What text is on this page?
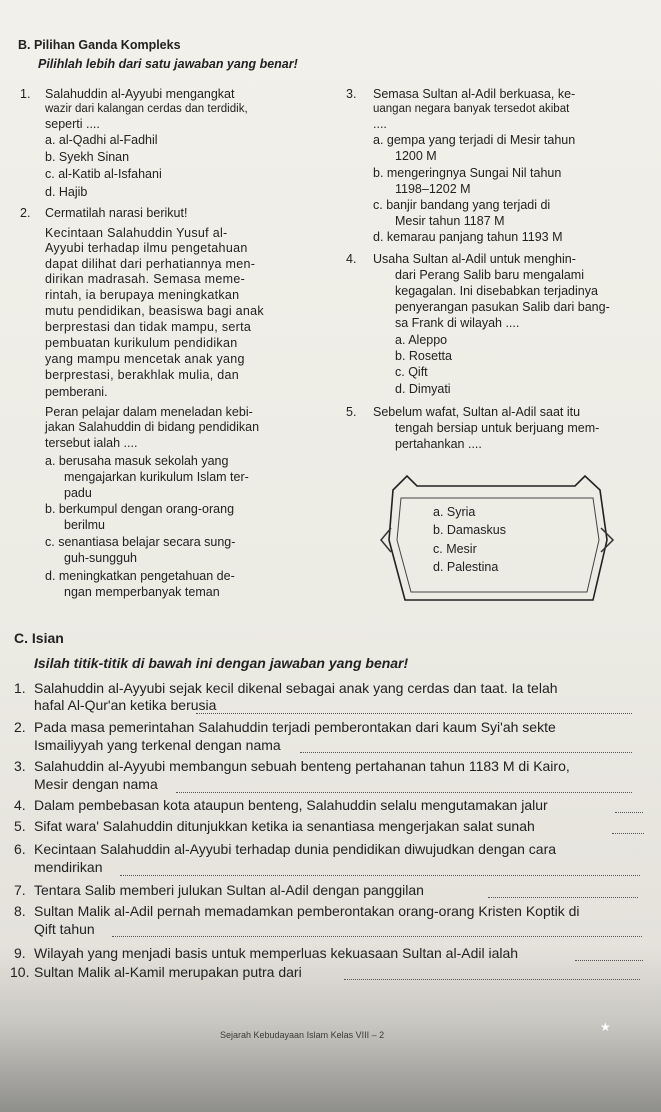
B. Pilihan Ganda Kompleks
Pilihlah lebih dari satu jawaban yang benar!
1. Salahuddin al-Ayyubi mengangkat
wazir dari kalangan cerdas dan terdidik,
seperti ....
a. al-Qadhi al-Fadhil
b. Syekh Sinan
c. al-Katib al-Isfahani
d. Hajib
2. Cermatilah narasi berikut!
Kecintaan Salahuddin Yusuf al-
Ayyubi terhadap ilmu pengetahuan
dapat dilihat dari perhatiannya men-
dirikan madrasah. Semasa meme-
rintah, ia berupaya meningkatkan
mutu pendidikan, beasiswa bagi anak
berprestasi dan tidak mampu, serta
pembuatan kurikulum pendidikan
yang mampu mencetak anak yang
berprestasi, berakhlak mulia, dan
pemberani.
Peran pelajar dalam meneladan kebi-
jakan Salahuddin di bidang pendidikan
tersebut ialah ....
a. berusaha masuk sekolah yang
mengajarkan kurikulum Islam ter-
padu
b. berkumpul dengan orang-orang
berilmu
c. senantiasa belajar secara sung-
guh-sungguh
d. meningkatkan pengetahuan de-
ngan memperbanyak teman
3. Semasa Sultan al-Adil berkuasa, ke-
uangan negara banyak tersedot akibat
....
a. gempa yang terjadi di Mesir tahun
1200 M
b. mengeringnya Sungai Nil tahun
1198–1202 M
c. banjir bandang yang terjadi di
Mesir tahun 1187 M
d. kemarau panjang tahun 1193 M
4. Usaha Sultan al-Adil untuk menghin-
dari Perang Salib baru mengalami
kegagalan. Ini disebabkan terjadinya
penyerangan pasukan Salib dari bang-
sa Frank di wilayah ....
a. Aleppo
b. Rosetta
c. Qift
d. Dimyati
5. Sebelum wafat, Sultan al-Adil saat itu
tengah bersiap untuk berjuang mem-
pertahankan ....
a. Syria
b. Damaskus
c. Mesir
d. Palestina
C. Isian
Isilah titik-titik di bawah ini dengan jawaban yang benar!
1. Salahuddin al-Ayyubi sejak kecil dikenal sebagai anak yang cerdas dan taat. Ia telah
hafal Al-Qur'an ketika berusia
2. Pada masa pemerintahan Salahuddin terjadi pemberontakan dari kaum Syi'ah sekte
Ismailiyyah yang terkenal dengan nama
3. Salahuddin al-Ayyubi membangun sebuah benteng pertahanan tahun 1183 M di Kairo,
Mesir dengan nama
4. Dalam pembebasan kota ataupun benteng, Salahuddin selalu mengutamakan jalur
5. Sifat wara' Salahuddin ditunjukkan ketika ia senantiasa mengerjakan salat sunah
6. Kecintaan Salahuddin al-Ayyubi terhadap dunia pendidikan diwujudkan dengan cara
mendirikan
7. Tentara Salib memberi julukan Sultan al-Adil dengan panggilan
8. Sultan Malik al-Adil pernah memadamkan pemberontakan orang-orang Kristen Koptik di
Qift tahun
9. Wilayah yang menjadi basis untuk memperluas kekuasaan Sultan al-Adil ialah
10. Sultan Malik al-Kamil merupakan putra dari
Sejarah Kebudayaan Islam Kelas VIII – 2
★
